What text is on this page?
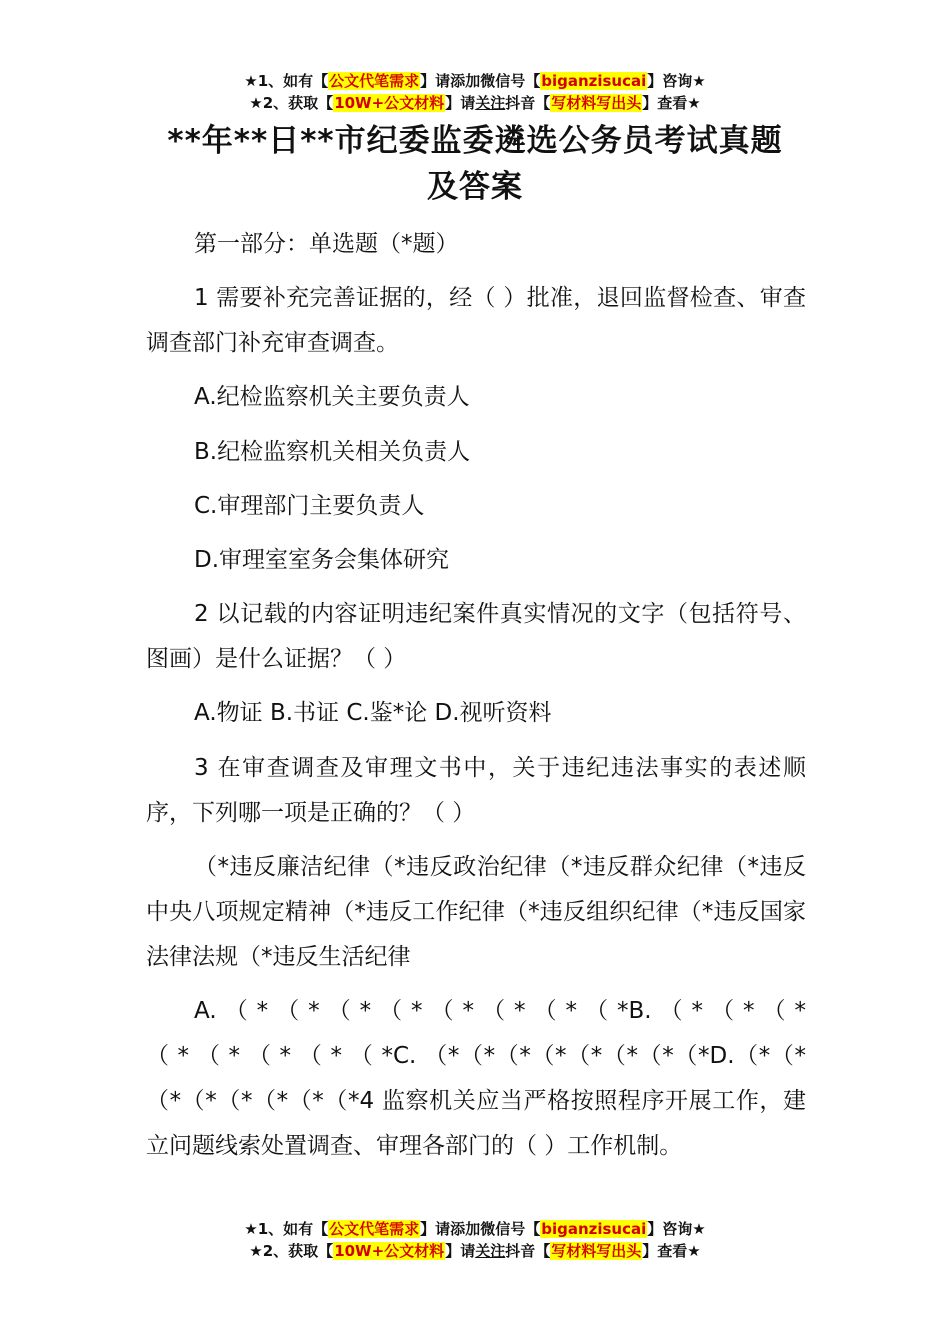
★1、如有【公文代笔需求】请添加微信号【biganzisucai】咨询★
★2、获取【10W+公文材料】请关注抖音【写材料写出头】查看★
**年**日**市纪委监委遴选公务员考试真题
及答案

第一部分：单选题（*题）

1 需要补充完善证据的，经（ ）批准，退回监督检查、审查调查部门补充审查调查。

A.纪检监察机关主要负责人

B.纪检监察机关相关负责人

C.审理部门主要负责人

D.审理室室务会集体研究

2 以记载的内容证明违纪案件真实情况的文字（包括符号、图画）是什么证据？（ ）

A.物证 B.书证 C.鉴*论 D.视听资料

3 在审查调查及审理文书中，关于违纪违法事实的表述顺序，下列哪一项是正确的？（ ）

（*违反廉洁纪律（*违反政治纪律（*违反群众纪律（*违反中央八项规定精神（*违反工作纪律（*违反组织纪律（*违反国家法律法规（*违反生活纪律

A. （ * （ * （ * （ * （ * （ * （ * （ *B. （ * （ * （ * （ * （ * （ * （ * （ *C. （*（*（*（*（*（*（*（*D.（*（*（*（*（*（*（*（*4 监察机关应当严格按照程序开展工作，建立问题线索处置调查、审理各部门的（ ）工作机制。

★1、如有【公文代笔需求】请添加微信号【biganzisucai】咨询★
★2、获取【10W+公文材料】请关注抖音【写材料写出头】查看★
